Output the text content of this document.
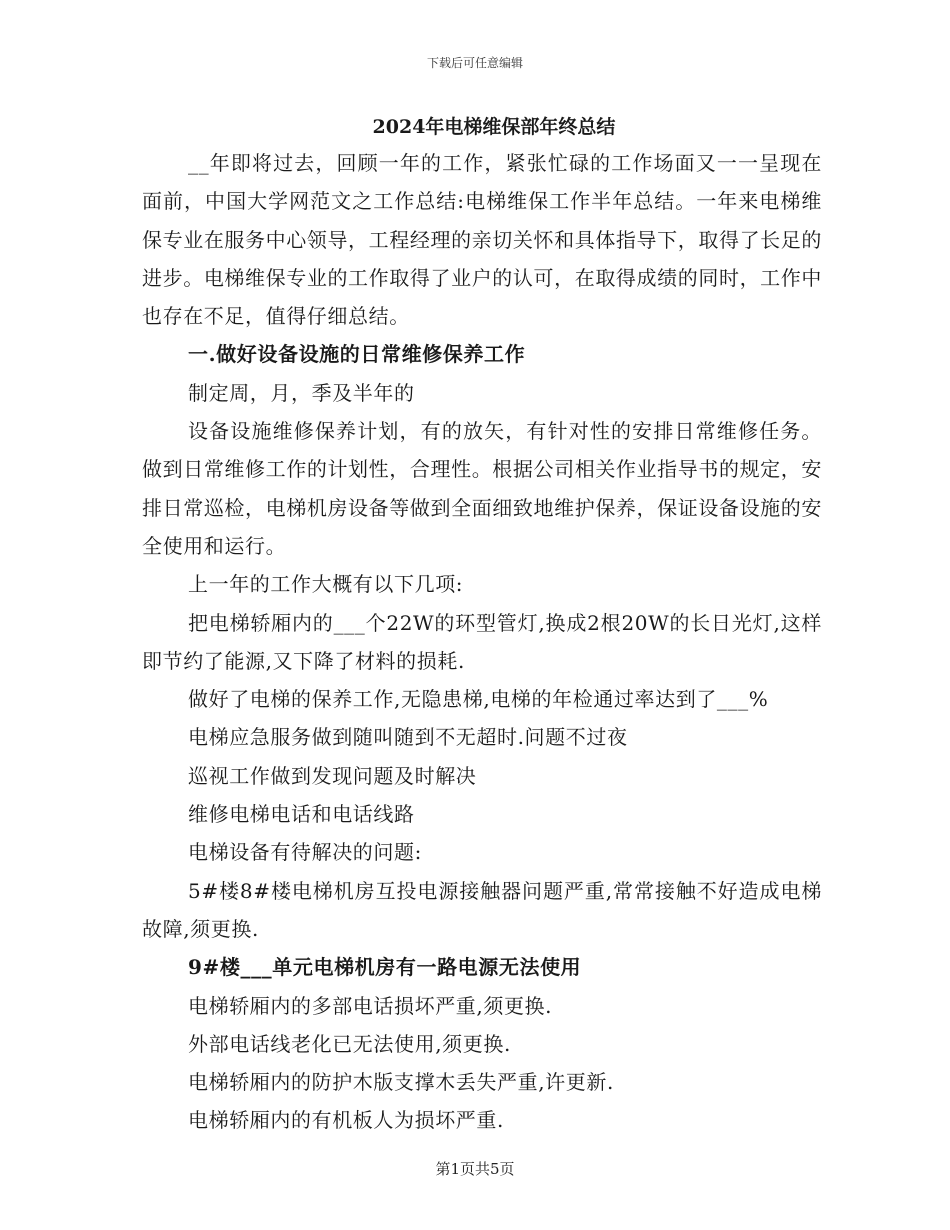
下载后可任意编辑
2024年电梯维保部年终总结

__年即将过去，回顾一年的工作，紧张忙碌的工作场面又一一呈现在面前，中国大学网范文之工作总结:电梯维保工作半年总结。一年来电梯维保专业在服务中心领导，工程经理的亲切关怀和具体指导下，取得了长足的进步。电梯维保专业的工作取得了业户的认可，在取得成绩的同时，工作中也存在不足，值得仔细总结。

一.做好设备设施的日常维修保养工作

制定周，月，季及半年的

设备设施维修保养计划，有的放矢，有针对性的安排日常维修任务。做到日常维修工作的计划性，合理性。根据公司相关作业指导书的规定，安排日常巡检，电梯机房设备等做到全面细致地维护保养，保证设备设施的安全使用和运行。

上一年的工作大概有以下几项:

把电梯轿厢内的___个22W的环型管灯,换成2根20W的长日光灯,这样即节约了能源,又下降了材料的损耗.

做好了电梯的保养工作,无隐患梯,电梯的年检通过率达到了___%

电梯应急服务做到随叫随到不无超时.问题不过夜

巡视工作做到发现问题及时解决

维修电梯电话和电话线路

电梯设备有待解决的问题:

5#楼8#楼电梯机房互投电源接触器问题严重,常常接触不好造成电梯故障,须更换.

9#楼___单元电梯机房有一路电源无法使用

电梯轿厢内的多部电话损坏严重,须更换.

外部电话线老化已无法使用,须更换.

电梯轿厢内的防护木版支撑木丢失严重,许更新.

电梯轿厢内的有机板人为损坏严重.

第1页共5页
